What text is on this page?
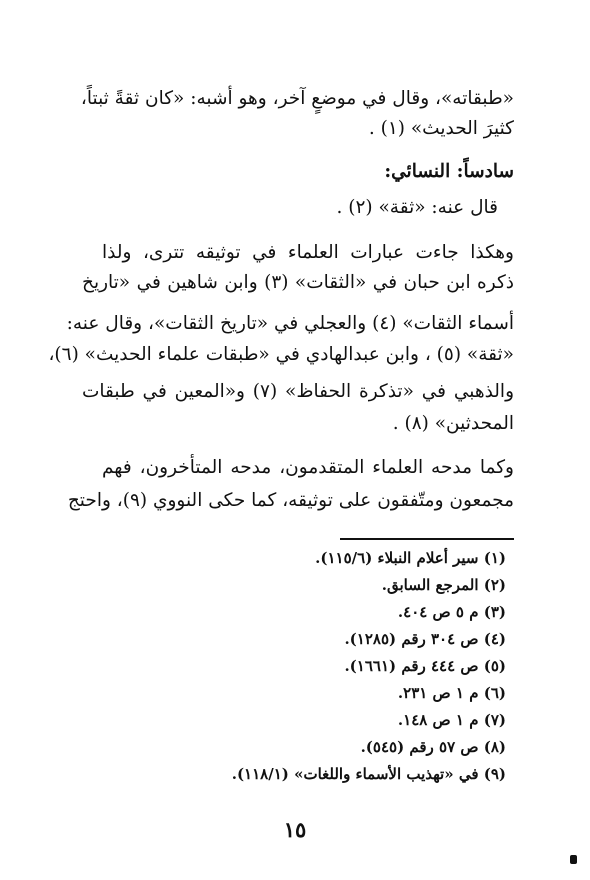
«طبقاته»، وقال في موضعٍ آخر، وهو أشبه: «كان ثقةً ثبتاً،
كثيرَ الحديث» (١) .
سادساً: النسائي:
قال عنه: «ثقة» (٢) .
وهكذا جاءت عبارات العلماء في توثيقه تترى، ولذا
ذكره ابن حبان في «الثقات» (٣) وابن شاهين في «تاريخ
أسماء الثقات» (٤) والعجلي في «تاريخ الثقات»، وقال عنه:
«ثقة» (٥) ، وابن عبدالهادي في «طبقات علماء الحديث» (٦)،
والذهبي في «تذكرة الحفاظ» (٧) و«المعين في طبقات
المحدثين» (٨) .
وكما مدحه العلماء المتقدمون، مدحه المتأخرون، فهم
مجمعون ومتّفقون على توثيقه، كما حكى النووي (٩)، واحتج
(١) سير أعلام النبلاء (١١٥/٦).
(٢) المرجع السابق.
(٣) م ٥ ص ٤٠٤.
(٤) ص ٣٠٤ رقم (١٢٨٥).
(٥) ص ٤٤٤ رقم (١٦٦١).
(٦) م ١ ص ٢٣١.
(٧) م ١ ص ١٤٨.
(٨) ص ٥٧ رقم (٥٤٥).
(٩) في «تهذيب الأسماء واللغات» (١١٨/١).
١٥
